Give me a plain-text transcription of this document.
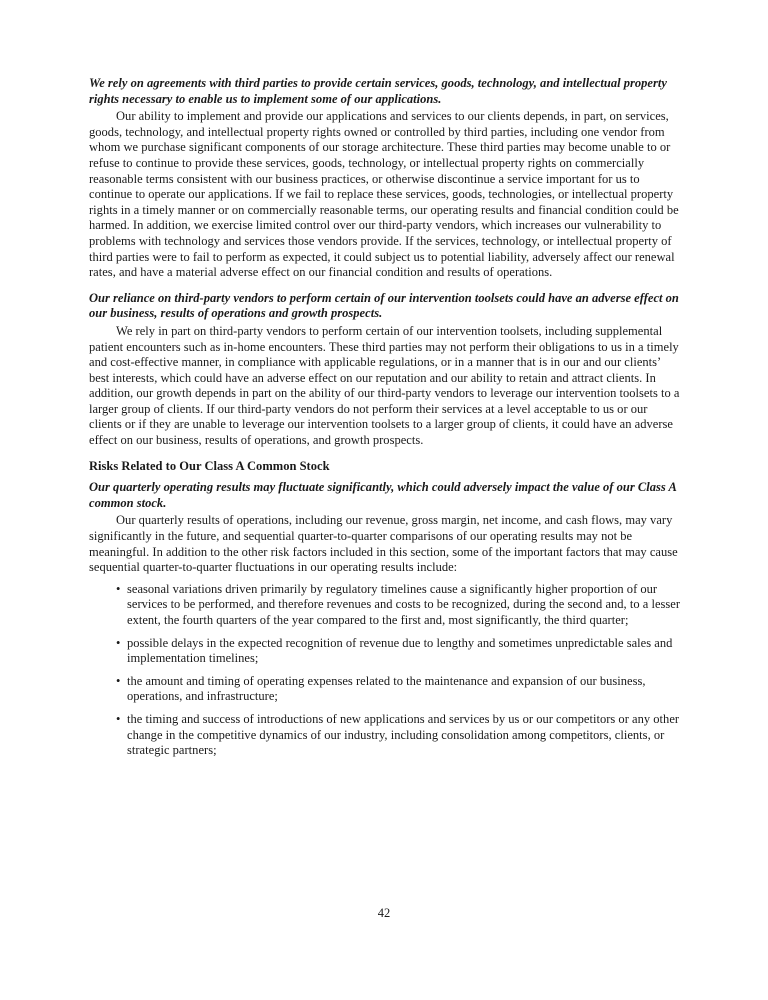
We rely on agreements with third parties to provide certain services, goods, technology, and intellectual property rights necessary to enable us to implement some of our applications.

Our ability to implement and provide our applications and services to our clients depends, in part, on services, goods, technology, and intellectual property rights owned or controlled by third parties, including one vendor from whom we purchase significant components of our storage architecture. These third parties may become unable to or refuse to continue to provide these services, goods, technology, or intellectual property rights on commercially reasonable terms consistent with our business practices, or otherwise discontinue a service important for us to continue to operate our applications. If we fail to replace these services, goods, technologies, or intellectual property rights in a timely manner or on commercially reasonable terms, our operating results and financial condition could be harmed. In addition, we exercise limited control over our third-party vendors, which increases our vulnerability to problems with technology and services those vendors provide. If the services, technology, or intellectual property of third parties were to fail to perform as expected, it could subject us to potential liability, adversely affect our renewal rates, and have a material adverse effect on our financial condition and results of operations.

Our reliance on third-party vendors to perform certain of our intervention toolsets could have an adverse effect on our business, results of operations and growth prospects.

We rely in part on third-party vendors to perform certain of our intervention toolsets, including supplemental patient encounters such as in-home encounters. These third parties may not perform their obligations to us in a timely and cost-effective manner, in compliance with applicable regulations, or in a manner that is in our and our clients’ best interests, which could have an adverse effect on our reputation and our ability to retain and attract clients. In addition, our growth depends in part on the ability of our third-party vendors to leverage our intervention toolsets to a larger group of clients. If our third-party vendors do not perform their services at a level acceptable to us or our clients or if they are unable to leverage our intervention toolsets to a larger group of clients, it could have an adverse effect on our business, results of operations, and growth prospects.

Risks Related to Our Class A Common Stock

Our quarterly operating results may fluctuate significantly, which could adversely impact the value of our Class A common stock.

Our quarterly results of operations, including our revenue, gross margin, net income, and cash flows, may vary significantly in the future, and sequential quarter-to-quarter comparisons of our operating results may not be meaningful. In addition to the other risk factors included in this section, some of the important factors that may cause sequential quarter-to-quarter fluctuations in our operating results include:

• seasonal variations driven primarily by regulatory timelines cause a significantly higher proportion of our services to be performed, and therefore revenues and costs to be recognized, during the second and, to a lesser extent, the fourth quarters of the year compared to the first and, most significantly, the third quarter;
• possible delays in the expected recognition of revenue due to lengthy and sometimes unpredictable sales and implementation timelines;
• the amount and timing of operating expenses related to the maintenance and expansion of our business, operations, and infrastructure;
• the timing and success of introductions of new applications and services by us or our competitors or any other change in the competitive dynamics of our industry, including consolidation among competitors, clients, or strategic partners;
42
